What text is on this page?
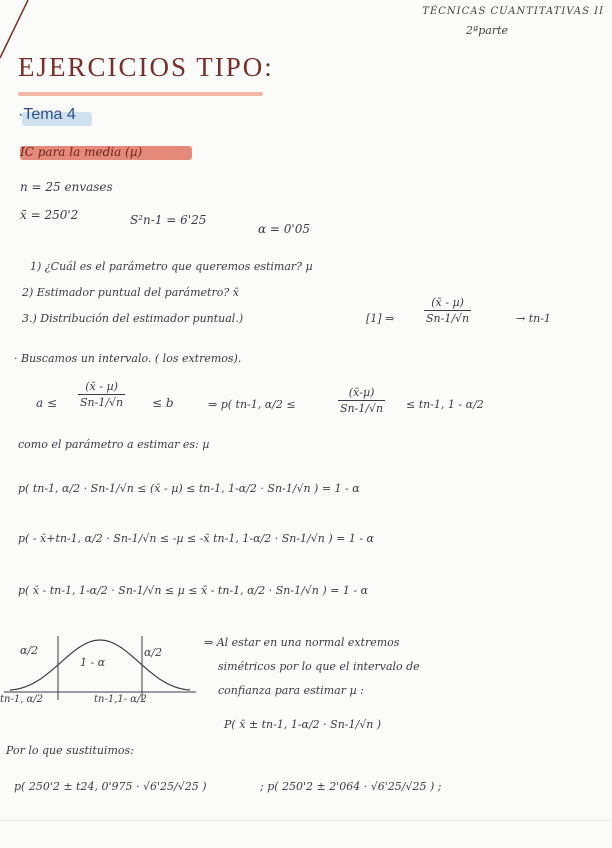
TÉCNICAS CUANTITATIVAS II
2ªparte
EJERCICIOS TIPO:
·Tema 4
IC para la media (µ)
n = 25 envases
x̄ = 250'2	S²n-1 = 6'25
α = 0'05
1) ¿Cuál es el parámetro que queremos estimar? µ
2) Estimador puntual del parámetro? x̄
3.) Distribución del estimador puntual.)	[1] ⇒
(x̄ - µ)
Sn-1/√n	→ tn-1
· Buscamos un intervalo. ( los extremos).
a ≤
(x̄ - µ)
Sn-1/√n ≤ b	⇒ p( tn-1, α/2 ≤
(x̄-µ)
Sn-1/√n ≤ tn-1, 1 - α/2
como el parámetro a estimar es: µ
p( tn-1, α/2 · Sn-1/√n ≤ (x̄ - µ) ≤ tn-1, 1-α/2 · Sn-1/√n ) = 1 - α
p( - x̄+tn-1, α/2 · Sn-1/√n ≤ -µ ≤ -x̄ tn-1, 1-α/2 · Sn-1/√n ) = 1 - α
p( x̄ - tn-1, 1-α/2 · Sn-1/√n ≤ µ ≤ x̄ - tn-1, α/2 · Sn-1/√n ) = 1 - α
α/2
1 - α
α/2
tn-1, α/2	tn-1,1- α/2
⇒ Al estar en una normal extremos
simétricos por lo que el intervalo de
confianza para estimar µ :
P( x̄ ± tn-1, 1-α/2 · Sn-1/√n )
Por lo que sustituimos:
p( 250'2 ± t24, 0'975 · √6'25/√25 )	; p( 250'2 ± 2'064 · √6'25/√25 ) ;
